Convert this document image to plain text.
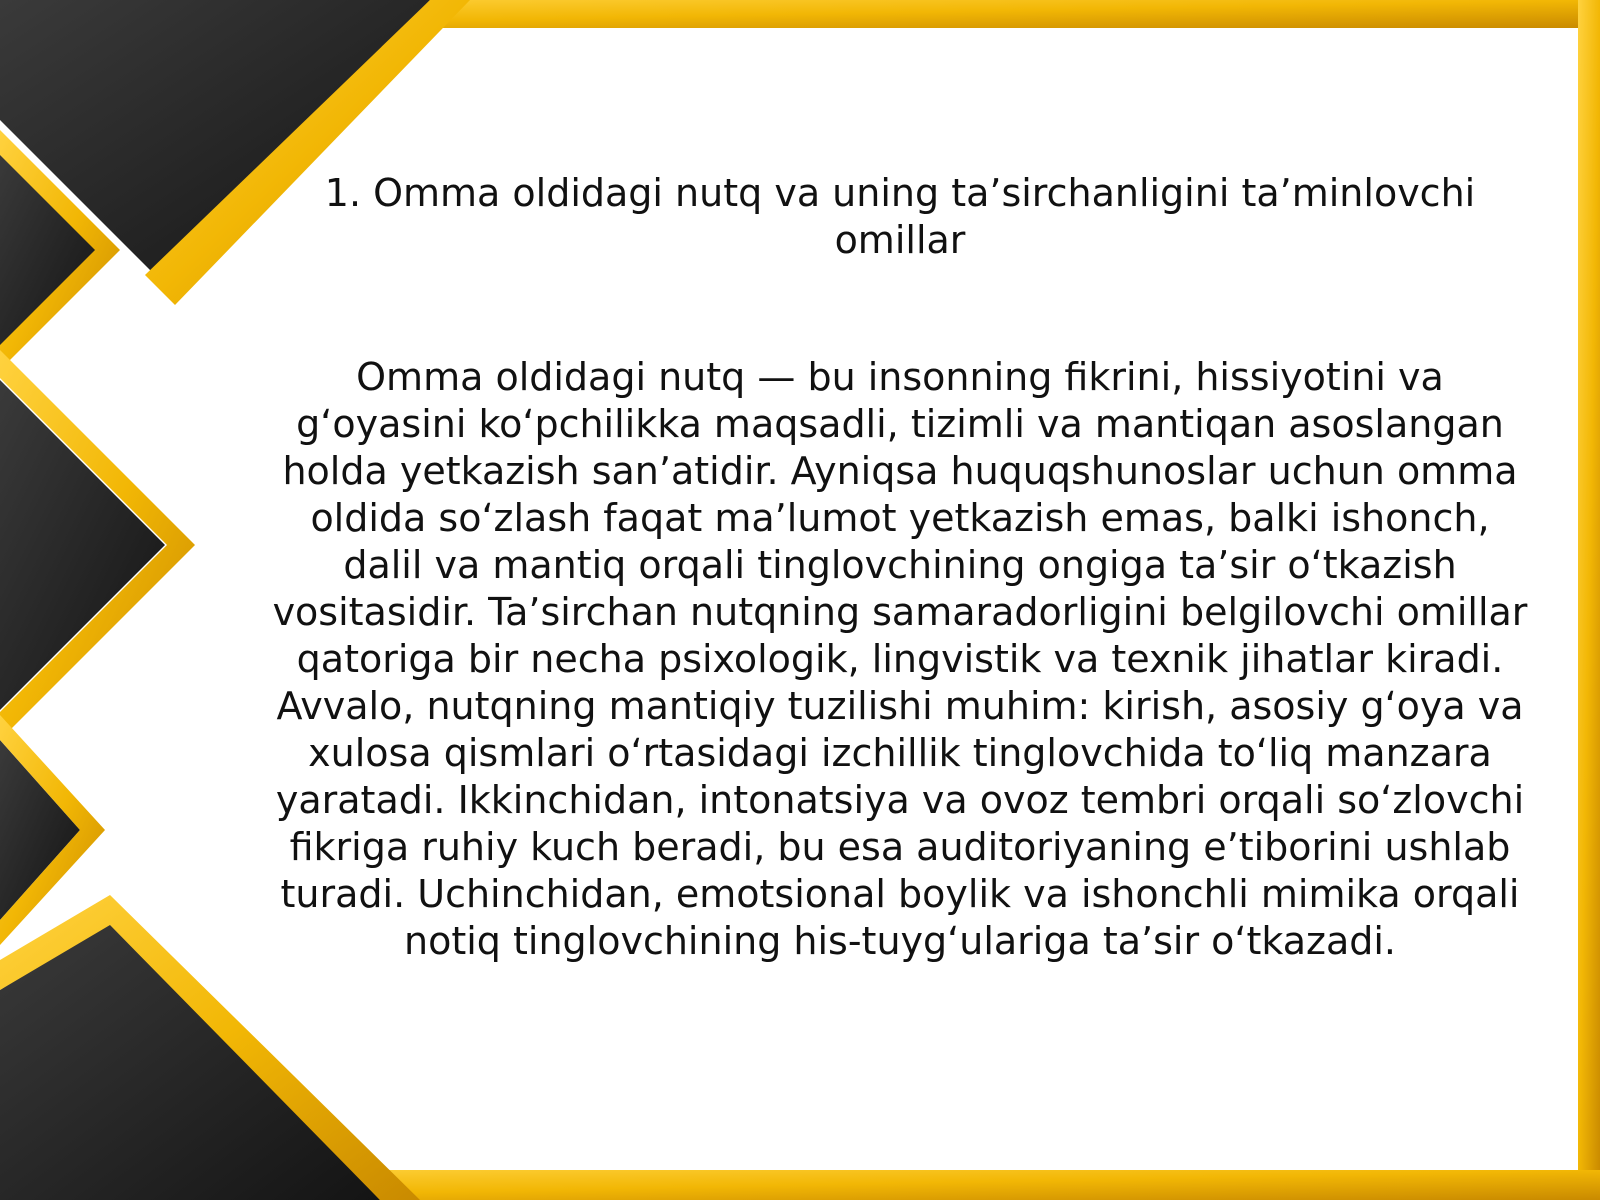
1. Omma oldidagi nutq va uning ta’sirchanligini ta’minlovchi omillar

Omma oldidagi nutq — bu insonning fikrini, hissiyotini va g‘oyasini ko‘pchilikka maqsadli, tizimli va mantiqan asoslangan holda yetkazish san’atidir. Ayniqsa huquqshunoslar uchun omma oldida so‘zlash faqat ma’lumot yetkazish emas, balki ishonch, dalil va mantiq orqali tinglovchining ongiga ta’sir o‘tkazish vositasidir. Ta’sirchan nutqning samaradorligini belgilovchi omillar qatoriga bir necha psixologik, lingvistik va texnik jihatlar kiradi. Avvalo, nutqning mantiqiy tuzilishi muhim: kirish, asosiy g‘oya va xulosa qismlari o‘rtasidagi izchillik tinglovchida to‘liq manzara yaratadi. Ikkinchidan, intonatsiya va ovoz tembri orqali so‘zlovchi fikriga ruhiy kuch beradi, bu esa auditoriyaning e’tiborini ushlab turadi. Uchinchidan, emotsional boylik va ishonchli mimika orqali notiq tinglovchining his-tuyg‘ulariga ta’sir o‘tkazadi.
